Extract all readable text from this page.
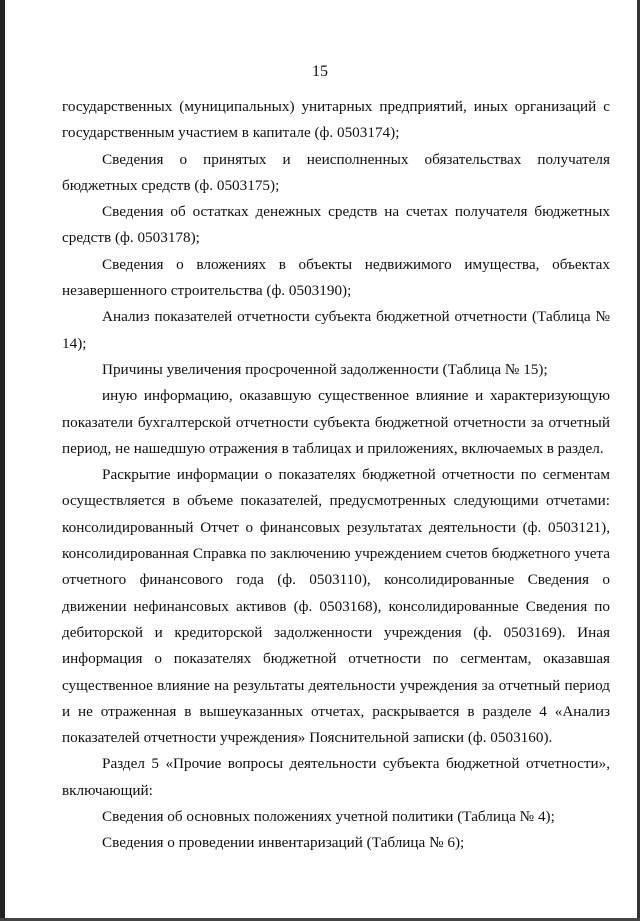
15

государственных (муниципальных) унитарных предприятий, иных организаций с государственным участием в капитале (ф. 0503174);

Сведения о принятых и неисполненных обязательствах получателя бюджетных средств (ф. 0503175);

Сведения об остатках денежных средств на счетах получателя бюджетных средств (ф. 0503178);

Сведения о вложениях в объекты недвижимого имущества, объектах незавершенного строительства (ф. 0503190);

Анализ показателей отчетности субъекта бюджетной отчетности (Таблица № 14);

Причины увеличения просроченной задолженности (Таблица № 15);

иную информацию, оказавшую существенное влияние и характеризующую показатели бухгалтерской отчетности субъекта бюджетной отчетности за отчетный период, не нашедшую отражения в таблицах и приложениях, включаемых в раздел.

Раскрытие информации о показателях бюджетной отчетности по сегментам осуществляется в объеме показателей, предусмотренных следующими отчетами: консолидированный Отчет о финансовых результатах деятельности (ф. 0503121), консолидированная Справка по заключению учреждением счетов бюджетного учета отчетного финансового года (ф. 0503110), консолидированные Сведения о движении нефинансовых активов (ф. 0503168), консолидированные Сведения по дебиторской и кредиторской задолженности учреждения (ф. 0503169). Иная информация о показателях бюджетной отчетности по сегментам, оказавшая существенное влияние на результаты деятельности учреждения за отчетный период и не отраженная в вышеуказанных отчетах, раскрывается в разделе 4 «Анализ показателей отчетности учреждения» Пояснительной записки (ф. 0503160).

Раздел 5 «Прочие вопросы деятельности субъекта бюджетной отчетности», включающий:

Сведения об основных положениях учетной политики (Таблица № 4);

Сведения о проведении инвентаризаций (Таблица № 6);
